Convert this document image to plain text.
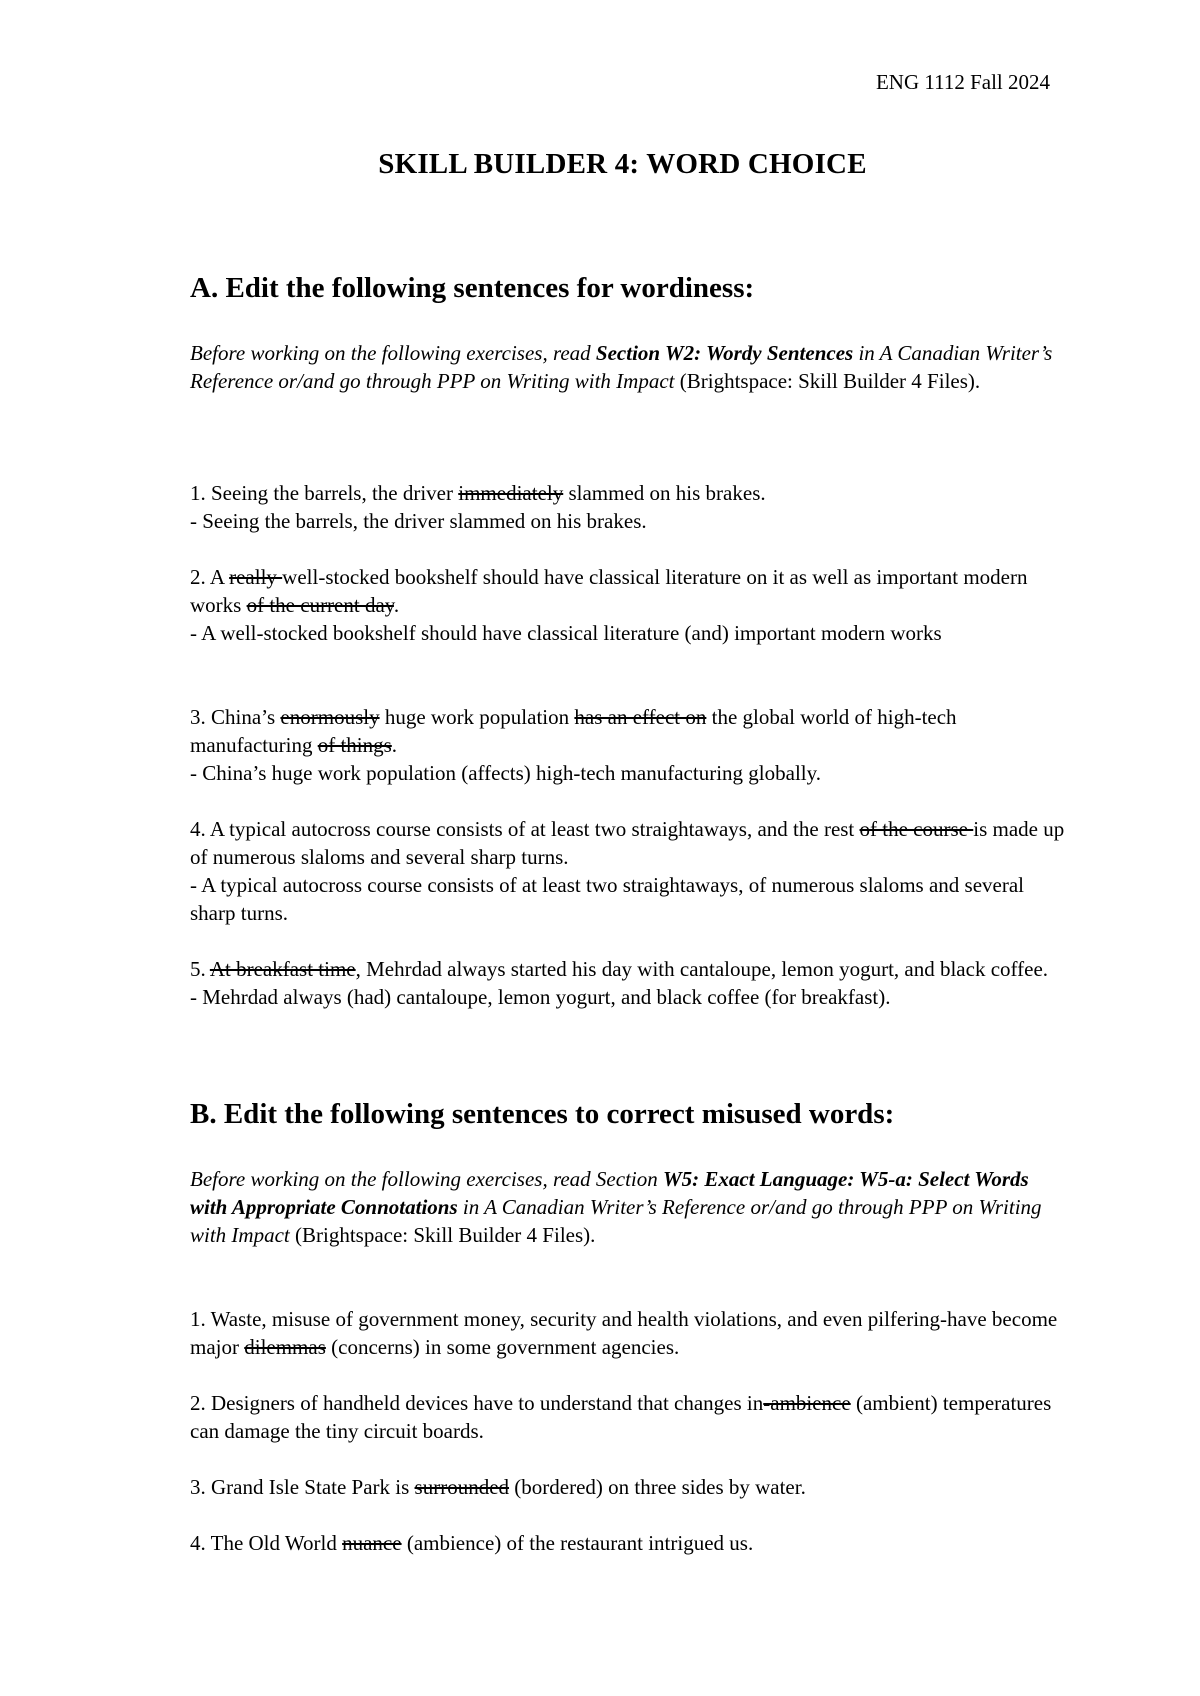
ENG 1112 Fall 2024
SKILL BUILDER 4: WORD CHOICE
A. Edit the following sentences for wordiness:
Before working on the following exercises, read Section W2: Wordy Sentences in A Canadian Writer’s Reference or/and go through PPP on Writing with Impact (Brightspace: Skill Builder 4 Files).

1. Seeing the barrels, the driver immediately slammed on his brakes.

- Seeing the barrels, the driver slammed on his brakes.

2. A really well-stocked bookshelf should have classical literature on it as well as important modern works of the current day.

- A well-stocked bookshelf should have classical literature (and) important modern works

3. China’s enormously huge work population has an effect on the global world of high-tech manufacturing of things.

- China’s huge work population (affects) high-tech manufacturing globally.

4. A typical autocross course consists of at least two straightaways, and the rest of the course is made up of numerous slaloms and several sharp turns.

- A typical autocross course consists of at least two straightaways, of numerous slaloms and several sharp turns.

5. At breakfast time, Mehrdad always started his day with cantaloupe, lemon yogurt, and black coffee.

- Mehrdad always (had) cantaloupe, lemon yogurt, and black coffee (for breakfast).

B. Edit the following sentences to correct misused words:
Before working on the following exercises, read Section W5: Exact Language: W5-a: Select Words with Appropriate Connotations in A Canadian Writer’s Reference or/and go through PPP on Writing with Impact (Brightspace: Skill Builder 4 Files).

1. Waste, misuse of government money, security and health violations, and even pilfering-have become major dilemmas (concerns) in some government agencies.

2. Designers of handheld devices have to understand that changes in-ambience (ambient) temperatures can damage the tiny circuit boards.

3. Grand Isle State Park is surrounded (bordered) on three sides by water.

4. The Old World nuance (ambience) of the restaurant intrigued us.
